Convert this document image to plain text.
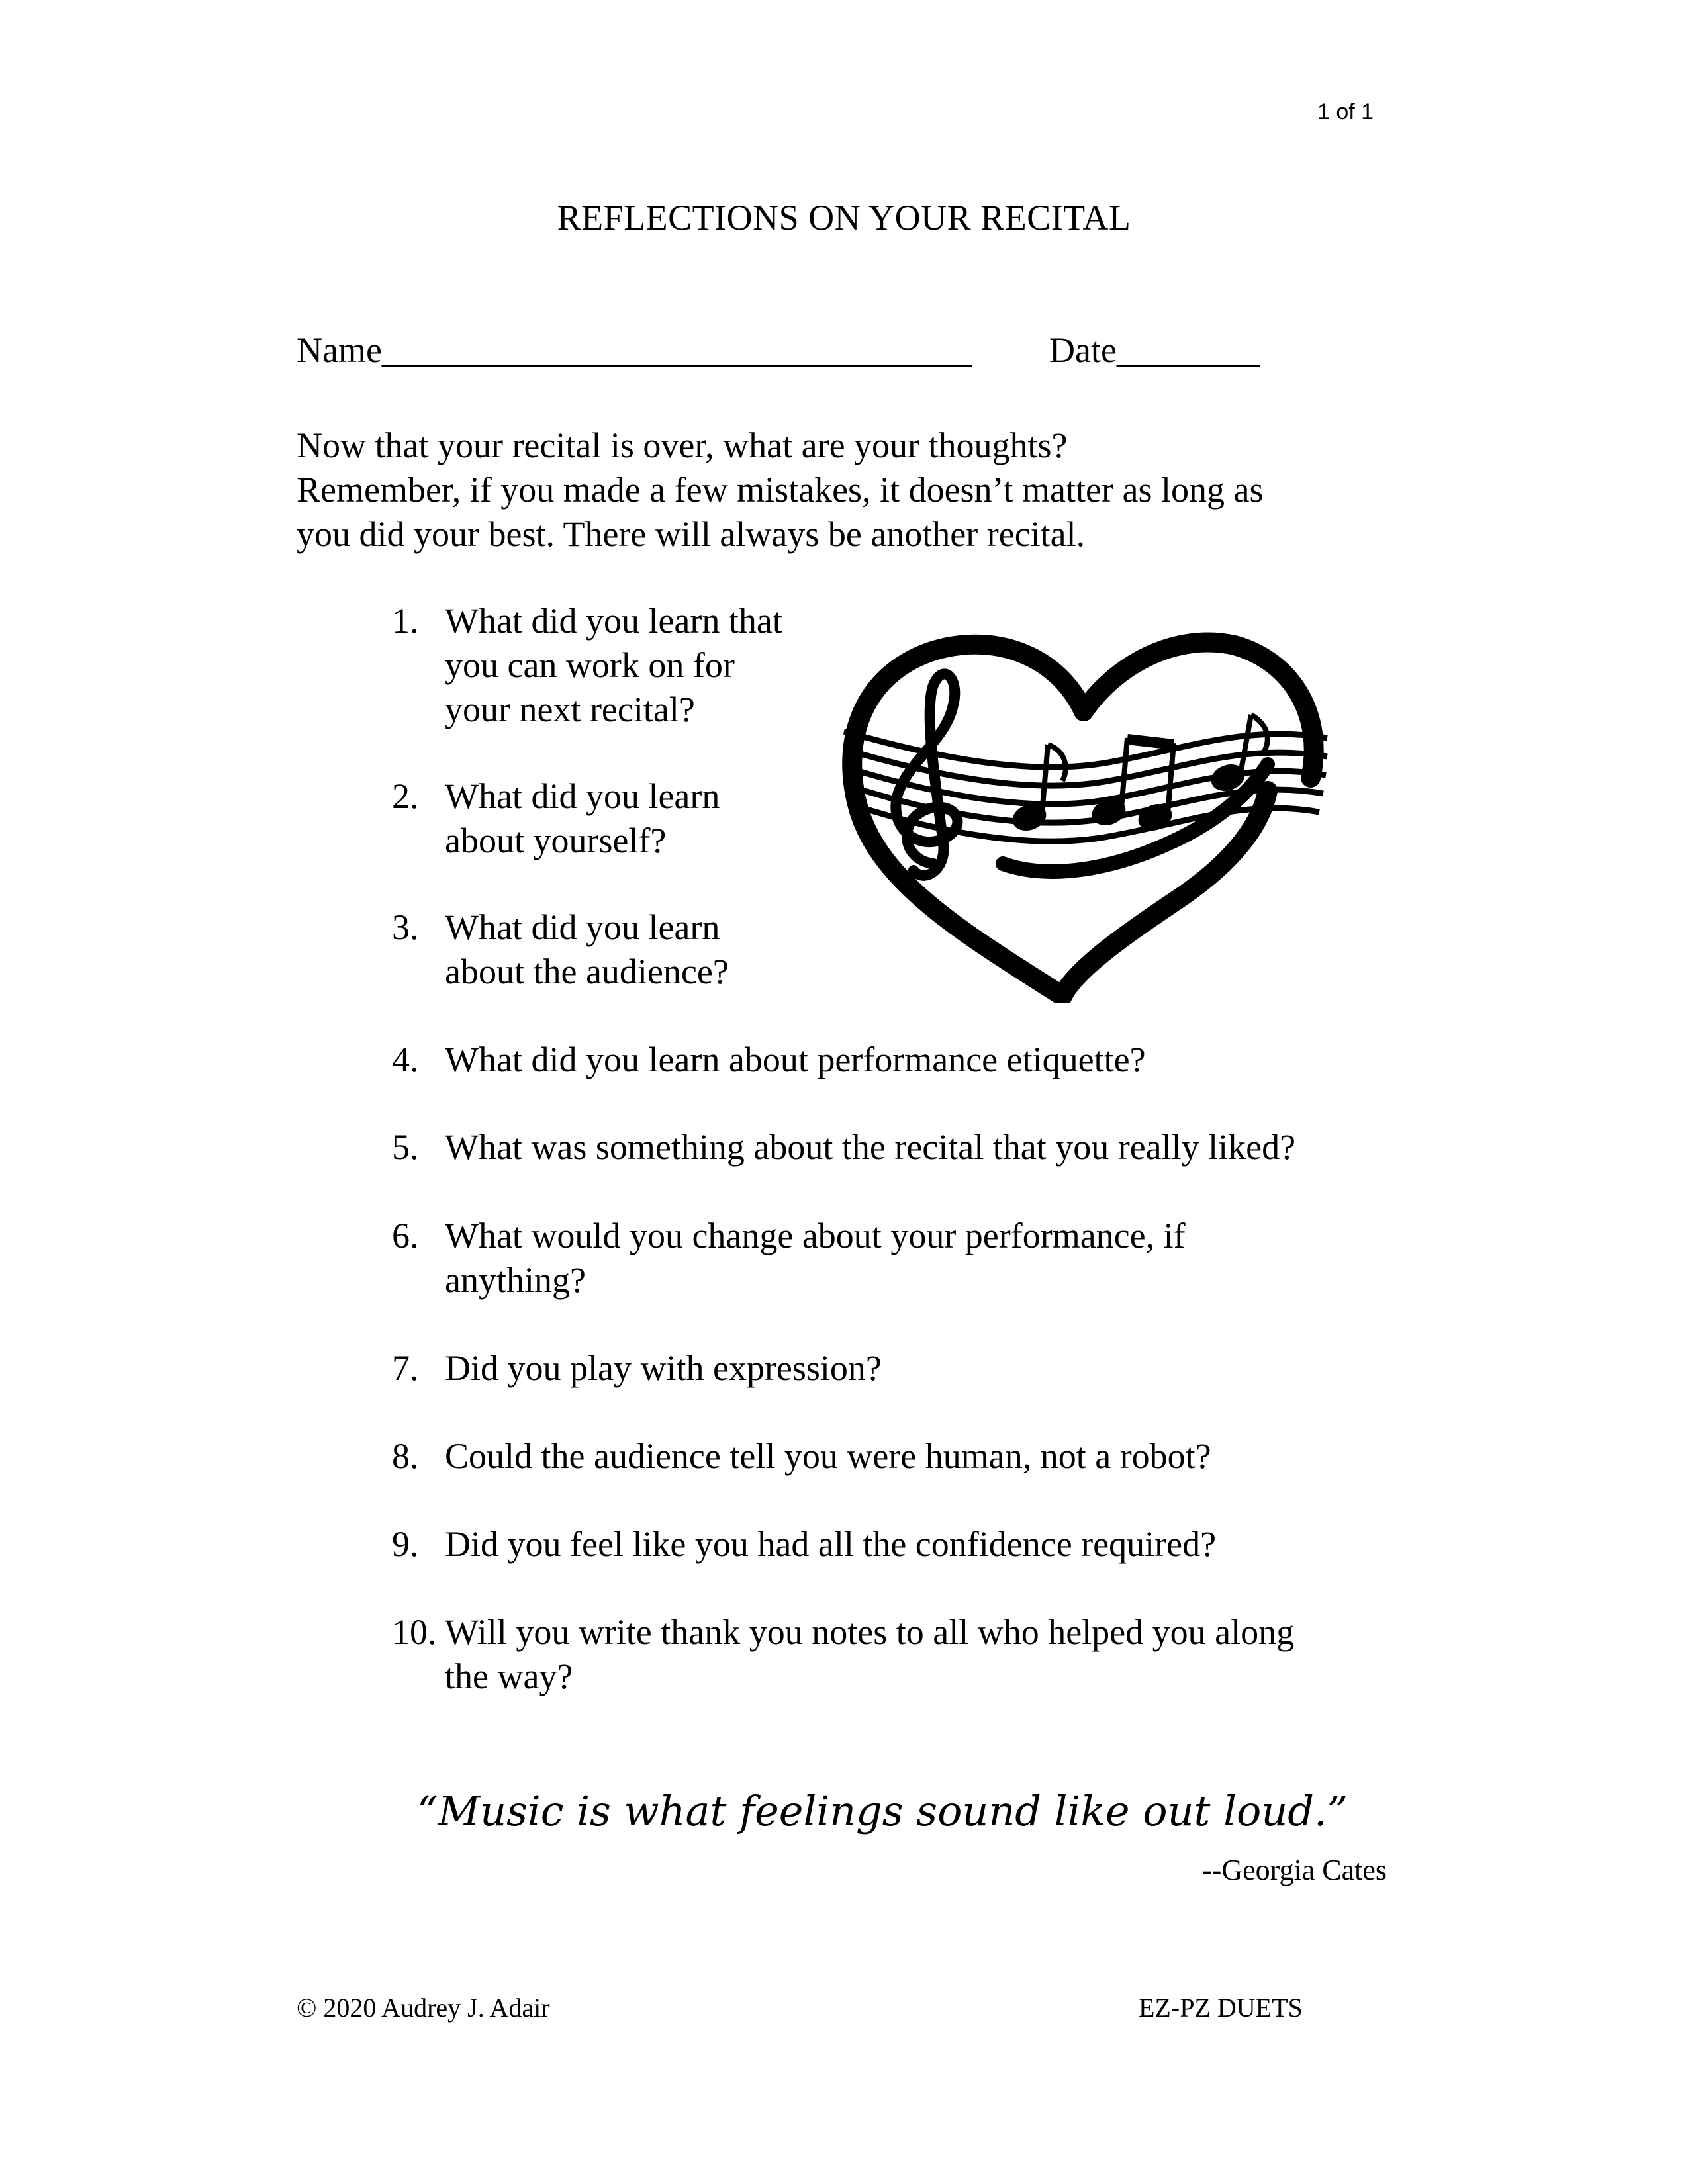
1 of 1
REFLECTIONS ON YOUR RECITAL
Name_________________________________ Date________
Now that your recital is over, what are your thoughts?
Remember, if you made a few mistakes, it doesn’t matter as long as
you did your best. There will always be another recital.
1. What did you learn that
you can work on for
your next recital?
2. What did you learn
about yourself?
3. What did you learn
about the audience?
4. What did you learn about performance etiquette?
5. What was something about the recital that you really liked?
6. What would you change about your performance, if
anything?
7. Did you play with expression?
8. Could the audience tell you were human, not a robot?
9. Did you feel like you had all the confidence required?
10. Will you write thank you notes to all who helped you along
the way?
“Music is what feelings sound like out loud.”
--Georgia Cates
© 2020 Audrey J. Adair	EZ-PZ DUETS
